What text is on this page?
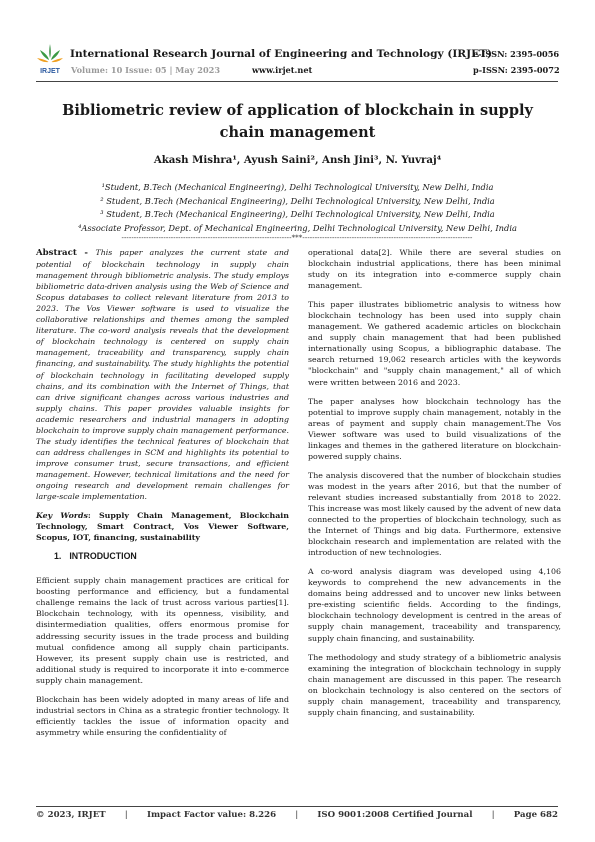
IRJET
International Research Journal of Engineering and Technology (IRJET)
e-ISSN: 2395-0056
Volume: 10 Issue: 05 | May 2023	www.irjet.net	p-ISSN: 2395-0072
Bibliometric review of application of blockchain in supply chain management
Akash Mishra¹, Ayush Saini², Ansh Jini³, N. Yuvraj⁴
¹Student, B.Tech (Mechanical Engineering), Delhi Technological University, New Delhi, India
² Student, B.Tech (Mechanical Engineering), Delhi Technological University, New Delhi, India
³ Student, B.Tech (Mechanical Engineering), Delhi Technological University, New Delhi, India
⁴Associate Professor, Dept. of Mechanical Engineering, Delhi Technological University, New Delhi, India
---------------------------------------------------------------------***---------------------------------------------------------------------

Abstract - This paper analyzes the current state and potential of blockchain technology in supply chain management through bibliometric analysis. The study employs bibliometric data-driven analysis using the Web of Science and Scopus databases to collect relevant literature from 2013 to 2023. The Vos Viewer software is used to visualize the collaborative relationships and themes among the sampled literature. The co-word analysis reveals that the development of blockchain technology is centered on supply chain management, traceability and transparency, supply chain financing, and sustainability. The study highlights the potential of blockchain technology in facilitating developed supply chains, and its combination with the Internet of Things, that can drive significant changes across various industries and supply chains. This paper provides valuable insights for academic researchers and industrial managers in adopting blockchain to improve supply chain management performance. The study identifies the technical features of blockchain that can address challenges in SCM and highlights its potential to improve consumer trust, secure transactions, and efficient management. However, technical limitations and the need for ongoing research and development remain challenges for large-scale implementation.

Key Words: Supply Chain Management, Blockchain Technology, Smart Contract, Vos Viewer Software, Scopus, IOT, financing, sustainability

1. INTRODUCTION

Efficient supply chain management practices are critical for boosting performance and efficiency, but a fundamental challenge remains the lack of trust across various parties[1]. Blockchain technology, with its openness, visibility, and disintermediation qualities, offers enormous promise for addressing security issues in the trade process and building mutual confidence among all supply chain participants. However, its present supply chain use is restricted, and additional study is required to incorporate it into e-commerce supply chain management.

Blockchain has been widely adopted in many areas of life and industrial sectors in China as a strategic frontier technology. It efficiently tackles the issue of information opacity and asymmetry while ensuring the confidentiality of

operational data[2]. While there are several studies on blockchain industrial applications, there has been minimal study on its integration into e-commerce supply chain management.

This paper illustrates bibliometric analysis to witness how blockchain technology has been used into supply chain management. We gathered academic articles on blockchain and supply chain management that had been published internationally using Scopus, a bibliographic database. The search returned 19,062 research articles with the keywords "blockchain" and "supply chain management," all of which were written between 2016 and 2023.

The paper analyses how blockchain technology has the potential to improve supply chain management, notably in the areas of payment and supply chain management.The Vos Viewer software was used to build visualizations of the linkages and themes in the gathered literature on blockchain-powered supply chains.

The analysis discovered that the number of blockchain studies was modest in the years after 2016, but that the number of relevant studies increased substantially from 2018 to 2022. This increase was most likely caused by the advent of new data connected to the properties of blockchain technology, such as the Internet of Things and big data. Furthermore, extensive blockchain research and implementation are related with the introduction of new technologies.

A co-word analysis diagram was developed using 4,106 keywords to comprehend the new advancements in the domains being addressed and to uncover new links between pre-existing scientific fields. According to the findings, blockchain technology development is centred in the areas of supply chain management, traceability and transparency, supply chain financing, and sustainability.

The methodology and study strategy of a bibliometric analysis examining the integration of blockchain technology in supply chain management are discussed in this paper. The research on blockchain technology is also centered on the sectors of supply chain management, traceability and transparency, supply chain financing, and sustainability.

© 2023, IRJET | Impact Factor value: 8.226 | ISO 9001:2008 Certified Journal | Page 682
